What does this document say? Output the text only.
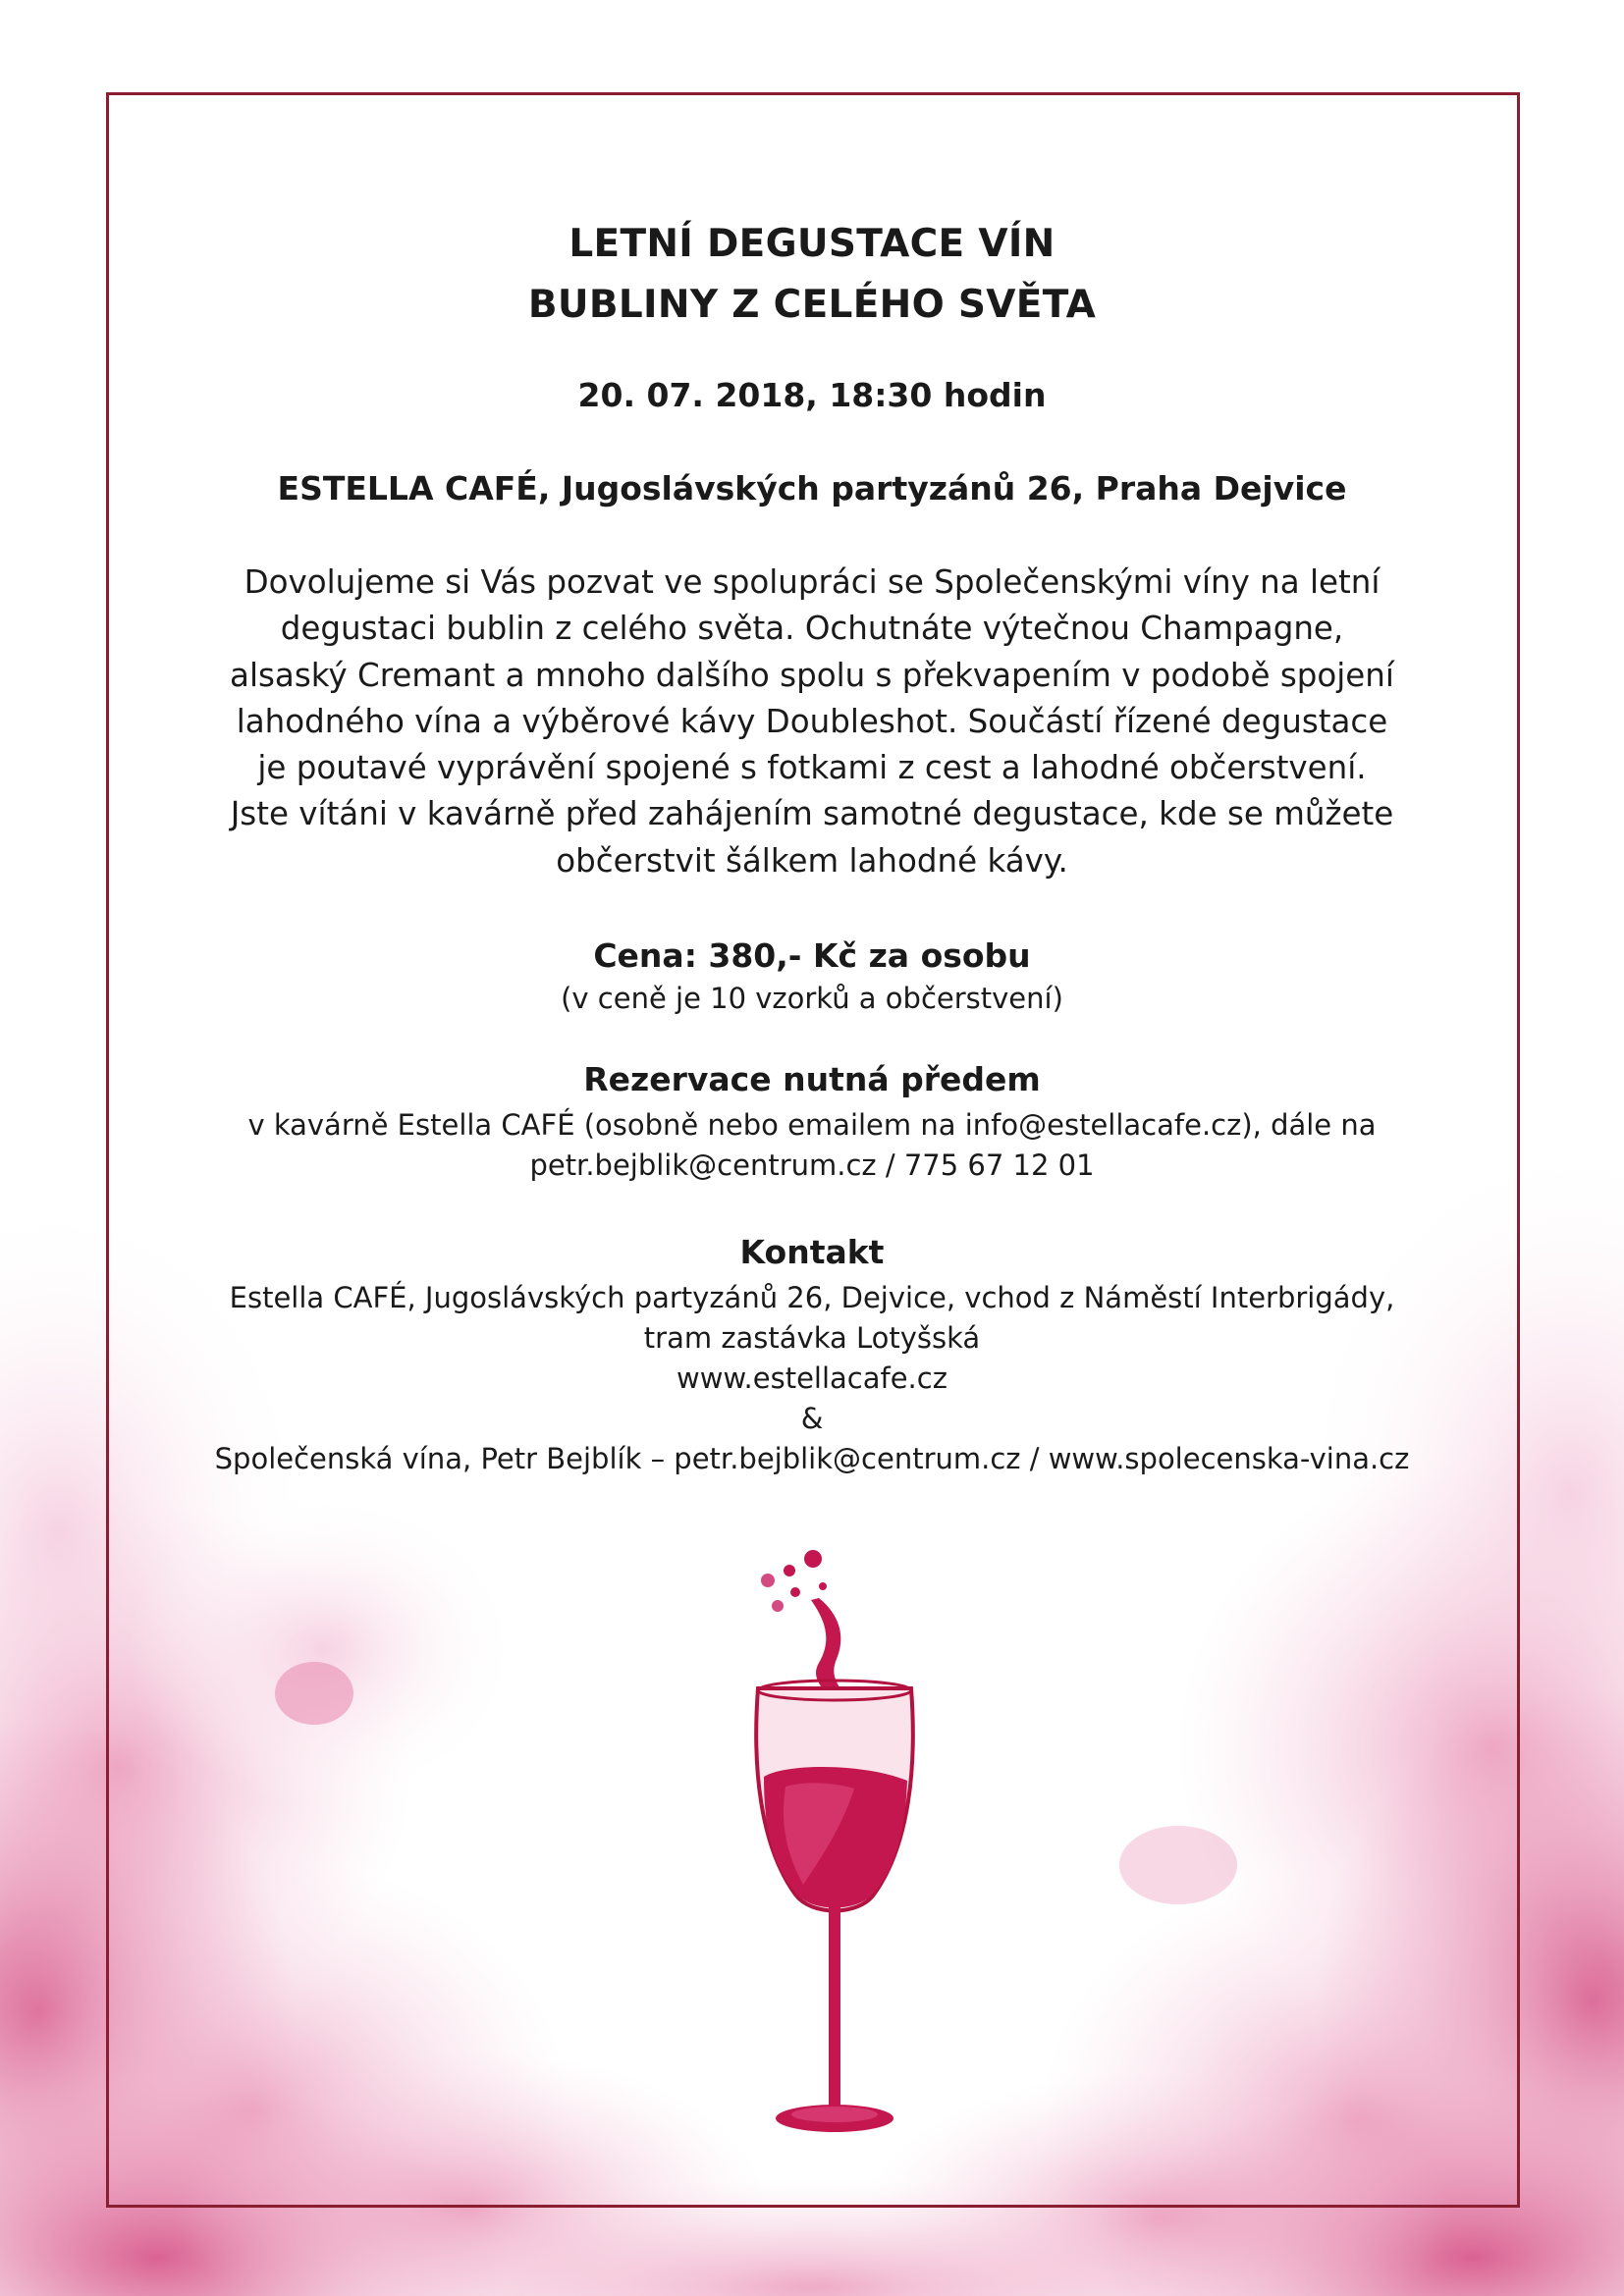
LETNÍ DEGUSTACE VÍN
BUBLINY Z CELÉHO SVĚTA
20. 07. 2018, 18:30 hodin
ESTELLA CAFÉ, Jugoslávských partyzánů 26, Praha Dejvice
Dovolujeme si Vás pozvat ve spolupráci se Společenskými víny na letní
degustaci bublin z celého světa. Ochutnáte výtečnou Champagne,
alsaský Cremant a mnoho dalšího spolu s překvapením v podobě spojení
lahodného vína a výběrové kávy Doubleshot. Součástí řízené degustace
je poutavé vyprávění spojené s fotkami z cest a lahodné občerstvení.
Jste vítáni v kavárně před zahájením samotné degustace, kde se můžete
občerstvit šálkem lahodné kávy.
Cena: 380,- Kč za osobu
(v ceně je 10 vzorků a občerstvení)
Rezervace nutná předem
v kavárně Estella CAFÉ (osobně nebo emailem na info@estellacafe.cz), dále na
petr.bejblik@centrum.cz / 775 67 12 01
Kontakt
Estella CAFÉ, Jugoslávských partyzánů 26, Dejvice, vchod z Náměstí Interbrigády,
tram zastávka Lotyšská
www.estellacafe.cz
&
Společenská vína, Petr Bejblík – petr.bejblik@centrum.cz / www.spolecenska-vina.cz
